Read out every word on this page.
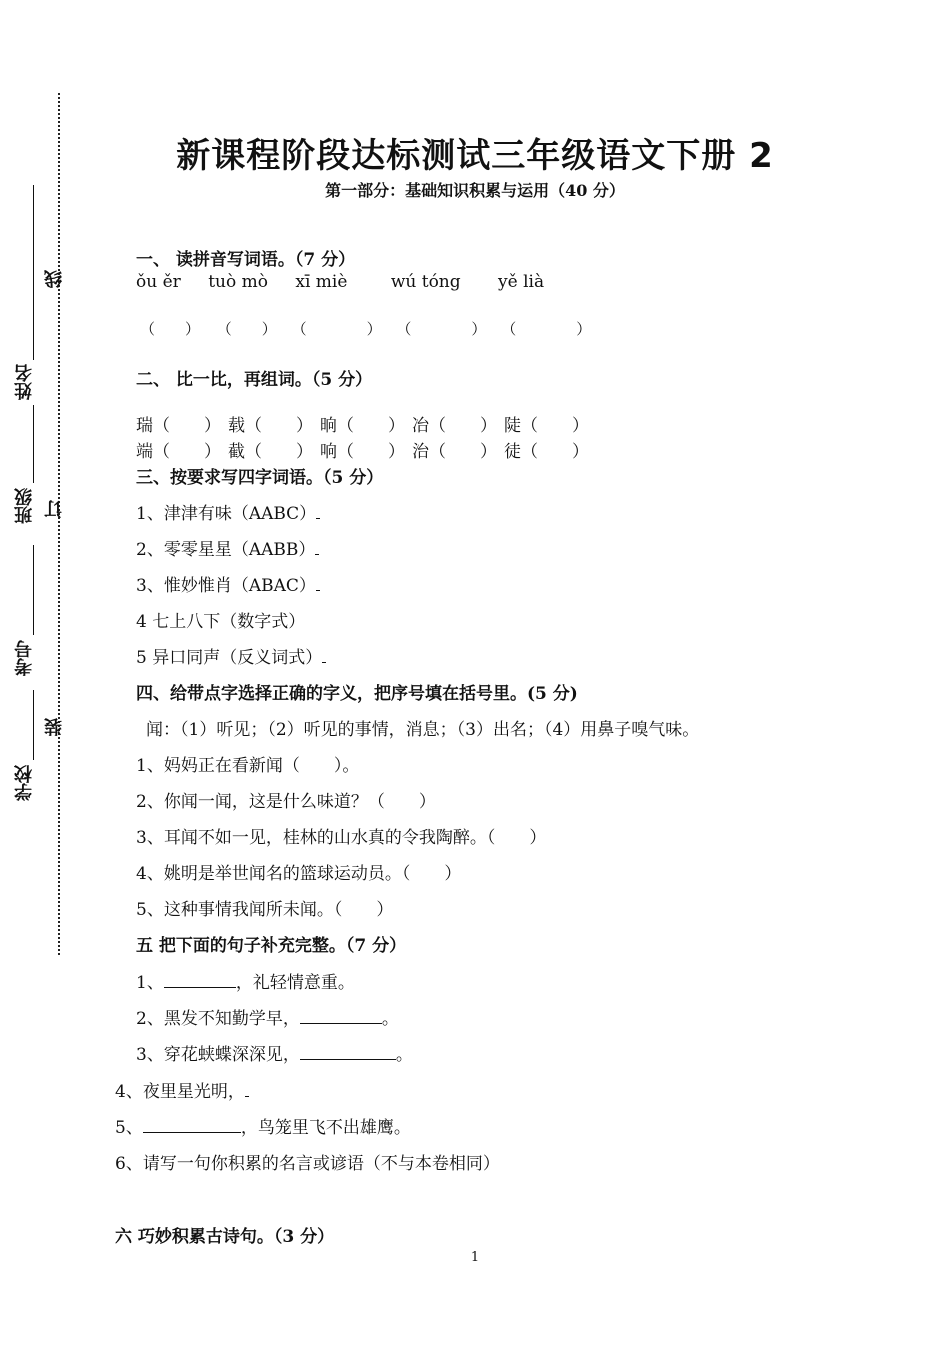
学校
考号
班级
姓名
装
订
线
新课程阶段达标测试三年级语文下册 2
第一部分：基础知识积累与运用（40 分）
一、 读拼音写词语。（7 分）
ǒu ěr tuò mò xī miè	wú tóng yě lià
（　　） （　　） （　　　　） （　　　　） （　　　　）
二、 比一比，再组词。（5 分）
瑞（　　） 载（　　） 晌（　　） 冶（　　） 陡（　　）
端（　　） 截（　　） 响（　　） 治（　　） 徒（　　）
三、按要求写四字词语。（5 分）
1、津津有味（AABC）
2、零零星星（AABB）
3、惟妙惟肖（ABAC）
4 七上八下（数字式）
5 异口同声（反义词式）
四、给带点字选择正确的字义，把序号填在括号里。(5 分)
闻：（1）听见；（2）听见的事情，消息；（3）出名；（4）用鼻子嗅气味。
1、妈妈正在看新闻（　　）。
2、你闻一闻，这是什么味道？（　　）
3、耳闻不如一见，桂林的山水真的令我陶醉。（　　）
4、姚明是举世闻名的篮球运动员。（　　）
5、这种事情我闻所未闻。（　　）
五 把下面的句子补充完整。（7 分）
1、	，礼轻情意重。
2、黑发不知勤学早，	。
3、穿花蛱蝶深深见，	。
4、夜里星光明，
5、	，鸟笼里飞不出雄鹰。
6、请写一句你积累的名言或谚语（不与本卷相同）
六 巧妙积累古诗句。（3 分）
1
